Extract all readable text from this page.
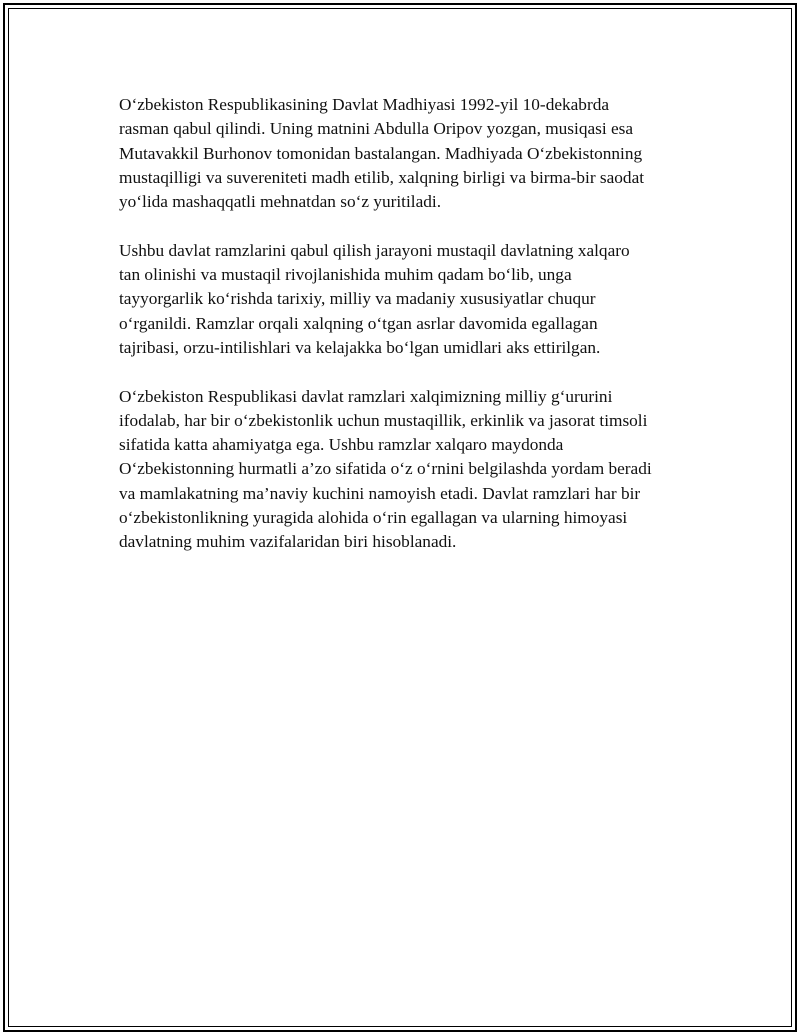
O‘zbekiston Respublikasining Davlat Madhiyasi 1992-yil 10-dekabrda
rasman qabul qilindi. Uning matnini Abdulla Oripov yozgan, musiqasi esa
Mutavakkil Burhonov tomonidan bastalangan. Madhiyada O‘zbekistonning
mustaqilligi va suvereniteti madh etilib, xalqning birligi va birma-bir saodat
yo‘lida mashaqqatli mehnatdan so‘z yuritiladi.

Ushbu davlat ramzlarini qabul qilish jarayoni mustaqil davlatning xalqaro
tan olinishi va mustaqil rivojlanishida muhim qadam bo‘lib, unga
tayyorgarlik ko‘rishda tarixiy, milliy va madaniy xususiyatlar chuqur
o‘rganildi. Ramzlar orqali xalqning o‘tgan asrlar davomida egallagan
tajribasi, orzu-intilishlari va kelajakka bo‘lgan umidlari aks ettirilgan.

O‘zbekiston Respublikasi davlat ramzlari xalqimizning milliy g‘ururini
ifodalab, har bir o‘zbekistonlik uchun mustaqillik, erkinlik va jasorat timsoli
sifatida katta ahamiyatga ega. Ushbu ramzlar xalqaro maydonda
O‘zbekistonning hurmatli a’zo sifatida o‘z o‘rnini belgilashda yordam beradi
va mamlakatning ma’naviy kuchini namoyish etadi. Davlat ramzlari har bir
o‘zbekistonlikning yuragida alohida o‘rin egallagan va ularning himoyasi
davlatning muhim vazifalaridan biri hisoblanadi.
